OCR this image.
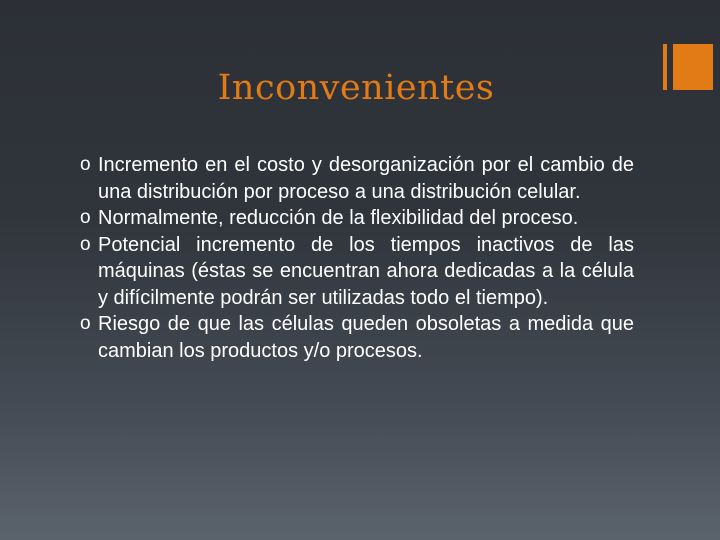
Inconvenientes
o Incremento en el costo y desorganización por el cambio de una distribución por proceso a una distribución celular.
o Normalmente, reducción de la flexibilidad del proceso.
o Potencial incremento de los tiempos inactivos de las máquinas (éstas se encuentran ahora dedicadas a la célula y difícilmente podrán ser utilizadas todo el tiempo).
o Riesgo de que las células queden obsoletas a medida que cambian los productos y/o procesos.
